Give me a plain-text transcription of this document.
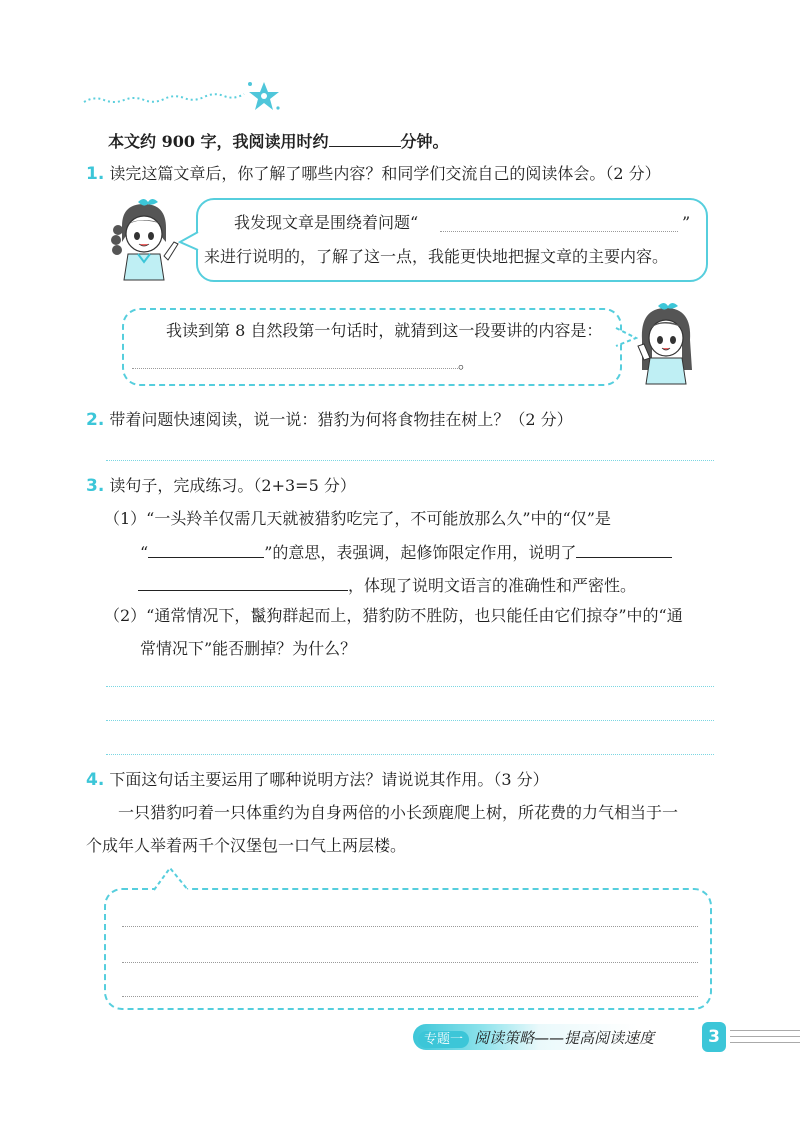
本文约 900 字，我阅读用时约	分钟。
1. 读完这篇文章后，你了解了哪些内容？和同学们交流自己的阅读体会。（2 分）
我发现文章是围绕着问题“	”
来进行说明的，了解了这一点，我能更快地把握文章的主要内容。
我读到第 8 自然段第一句话时，就猜到这一段要讲的内容是：
。
2. 带着问题快速阅读，说一说：猎豹为何将食物挂在树上？（2 分）
3. 读句子，完成练习。（2+3=5 分）
（1）“一头羚羊仅需几天就被猎豹吃完了，不可能放那么久”中的“仅”是
“	”的意思，表强调，起修饰限定作用，说明了
，体现了说明文语言的准确性和严密性。
（2）“通常情况下，鬣狗群起而上，猎豹防不胜防，也只能任由它们掠夺”中的“通
常情况下”能否删掉？为什么？
4. 下面这句话主要运用了哪种说明方法？请说说其作用。（3 分）
一只猎豹叼着一只体重约为自身两倍的小长颈鹿爬上树，所花费的力气相当于一
个成年人举着两千个汉堡包一口气上两层楼。
专题一 阅读策略——提高阅读速度	3
